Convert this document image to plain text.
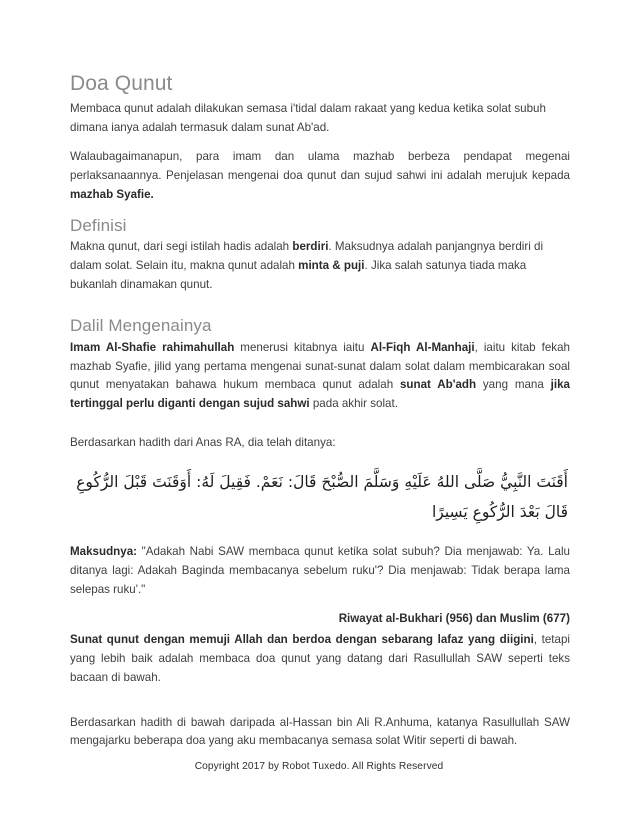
Doa Qunut

Membaca qunut adalah dilakukan semasa i'tidal dalam rakaat yang kedua ketika solat subuh dimana ianya adalah termasuk dalam sunat Ab'ad.

Walaubagaimanapun, para imam dan ulama mazhab berbeza pendapat megenai perlaksanaannya. Penjelasan mengenai doa qunut dan sujud sahwi ini adalah merujuk kepada mazhab Syafie.

Definisi

Makna qunut, dari segi istilah hadis adalah berdiri. Maksudnya adalah panjangnya berdiri di dalam solat. Selain itu, makna qunut adalah minta & puji. Jika salah satunya tiada maka bukanlah dinamakan qunut.

Dalil Mengenainya

Imam Al-Shafie rahimahullah menerusi kitabnya iaitu Al-Fiqh Al-Manhaji, iaitu kitab fekah mazhab Syafie, jilid yang pertama mengenai sunat-sunat dalam solat dalam membicarakan soal qunut menyatakan bahawa hukum membaca qunut adalah sunat Ab'adh yang mana jika tertinggal perlu diganti dengan sujud sahwi pada akhir solat.

Berdasarkan hadith dari Anas RA, dia telah ditanya:

أَقَنَتَ النَّبِيُّ صَلَّى اللهُ عَلَيْهِ وَسَلَّمَ الصُّبْحَ قَالَ: نَعَمْ. فَقِيلَ لَهُ: أَوَقَنَتَ قَبْلَ الرُّكُوعِ
قَالَ بَعْدَ الرُّكُوعِ يَسِيرًا

Maksudnya: "Adakah Nabi SAW membaca qunut ketika solat subuh? Dia menjawab: Ya. Lalu ditanya lagi: Adakah Baginda membacanya sebelum ruku'? Dia menjawab: Tidak berapa lama selepas ruku'."

Riwayat al-Bukhari (956) dan Muslim (677)

Sunat qunut dengan memuji Allah dan berdoa dengan sebarang lafaz yang diigini, tetapi yang lebih baik adalah membaca doa qunut yang datang dari Rasullullah SAW seperti teks bacaan di bawah.

Berdasarkan hadith di bawah daripada al-Hassan bin Ali R.Anhuma, katanya Rasullullah SAW mengajarku beberapa doa yang aku membacanya semasa solat Witir seperti di bawah.

Copyright 2017 by Robot Tuxedo. All Rights Reserved
